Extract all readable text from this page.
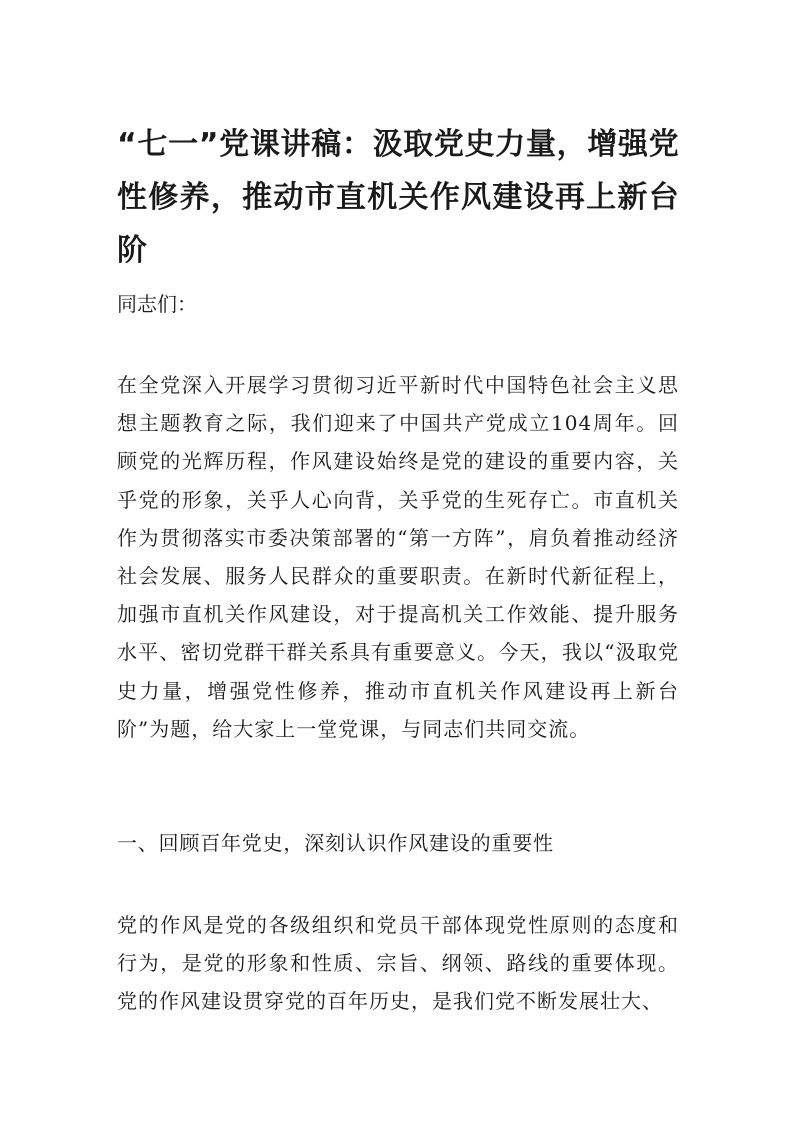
“七一”党课讲稿：汲取党史力量，增强党性修养，推动市直机关作风建设再上新台阶

同志们：

在全党深入开展学习贯彻习近平新时代中国特色社会主义思想主题教育之际，我们迎来了中国共产党成立104周年。回顾党的光辉历程，作风建设始终是党的建设的重要内容，关乎党的形象，关乎人心向背，关乎党的生死存亡。市直机关作为贯彻落实市委决策部署的“第一方阵”，肩负着推动经济社会发展、服务人民群众的重要职责。在新时代新征程上，加强市直机关作风建设，对于提高机关工作效能、提升服务水平、密切党群干群关系具有重要意义。今天，我以“汲取党史力量，增强党性修养，推动市直机关作风建设再上新台阶”为题，给大家上一堂党课，与同志们共同交流。

一、回顾百年党史，深刻认识作风建设的重要性

党的作风是党的各级组织和党员干部体现党性原则的态度和行为，是党的形象和性质、宗旨、纲领、路线的重要体现。党的作风建设贯穿党的百年历史，是我们党不断发展壮大、
